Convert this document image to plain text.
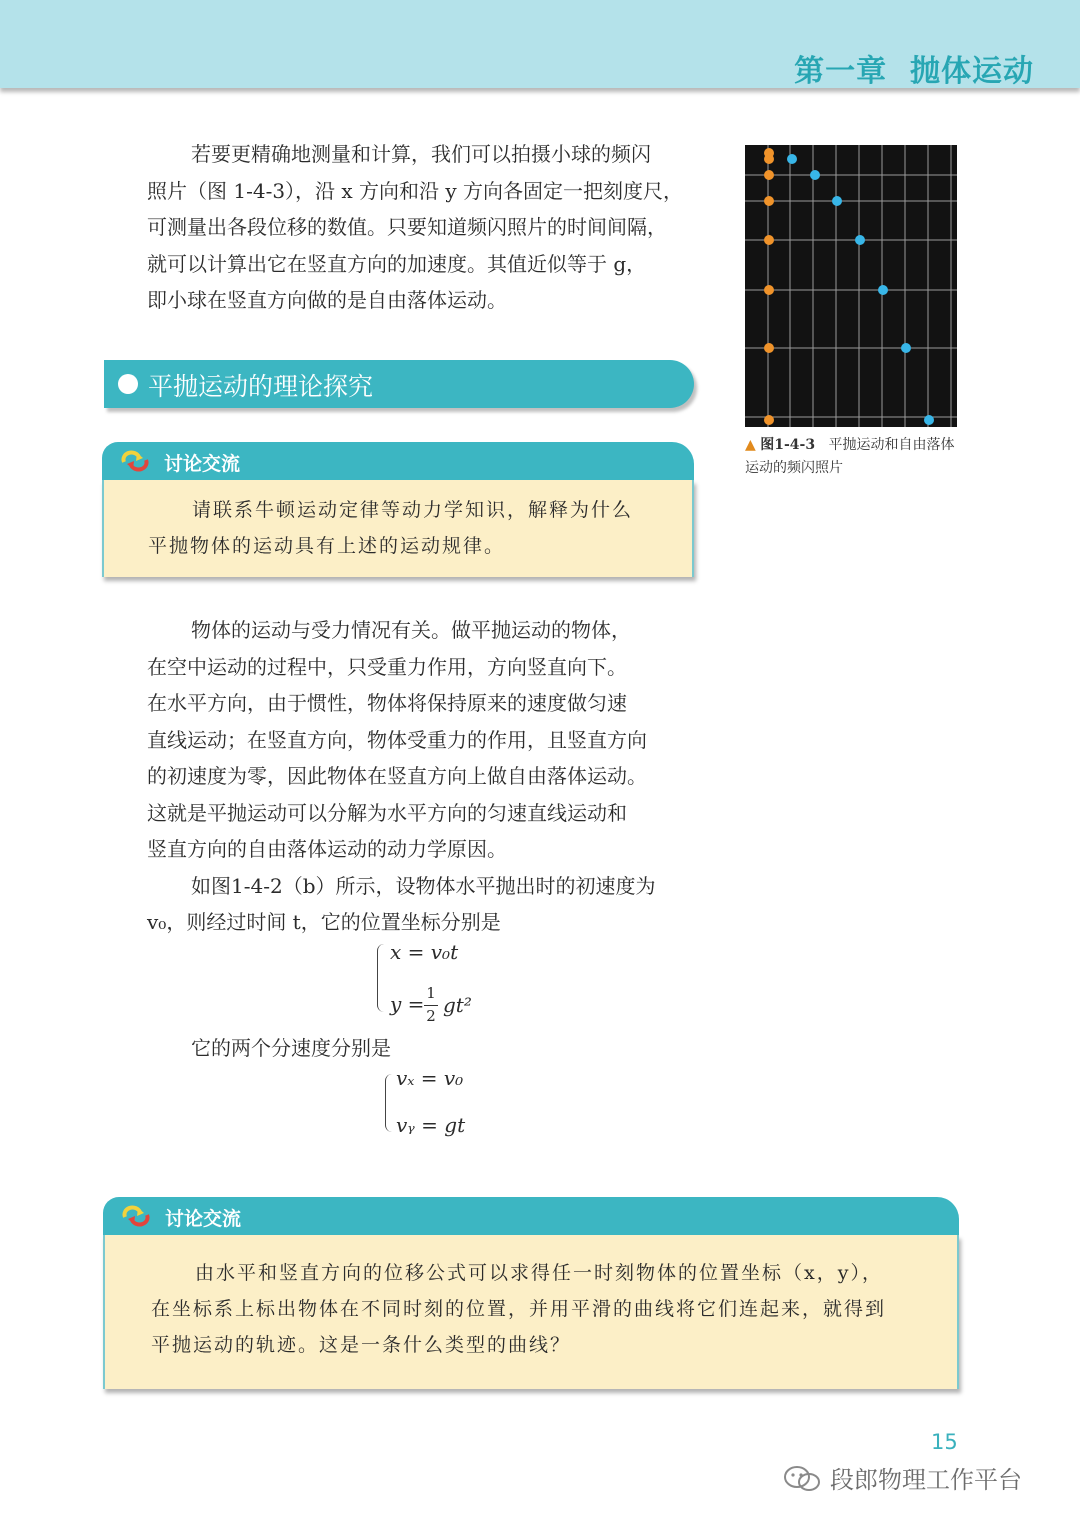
第一章 抛体运动

若要更精确地测量和计算，我们可以拍摄小球的频闪

照片（图 1-4-3），沿 x 方向和沿 y 方向各固定一把刻度尺，

可测量出各段位移的数值。只要知道频闪照片的时间间隔，

就可以计算出它在竖直方向的加速度。其值近似等于 g，

即小球在竖直方向做的是自由落体运动。

平抛运动的理论探究
讨论交流

请联系牛顿运动定律等动力学知识，解释为什么

平抛物体的运动具有上述的运动规律。

物体的运动与受力情况有关。做平抛运动的物体，

在空中运动的过程中，只受重力作用，方向竖直向下。

在水平方向，由于惯性，物体将保持原来的速度做匀速

直线运动；在竖直方向，物体受重力的作用，且竖直方向

的初速度为零，因此物体在竖直方向上做自由落体运动。

这就是平抛运动可以分解为水平方向的匀速直线运动和

竖直方向的自由落体运动的动力学原因。

如图1-4-2（b）所示，设物体水平抛出时的初速度为

v₀，则经过时间 t，它的位置坐标分别是

x = v₀t
y = 1
2 gt²

它的两个分速度分别是

vₓ = v₀
vᵧ = gt
讨论交流

由水平和竖直方向的位移公式可以求得任一时刻物体的位置坐标（x，y），

在坐标系上标出物体在不同时刻的位置，并用平滑的曲线将它们连起来，就得到

平抛运动的轨迹。这是一条什么类型的曲线？

▲ 图1-4-3 平抛运动和自由落体运动的频闪照片
15
段郎物理工作平台
